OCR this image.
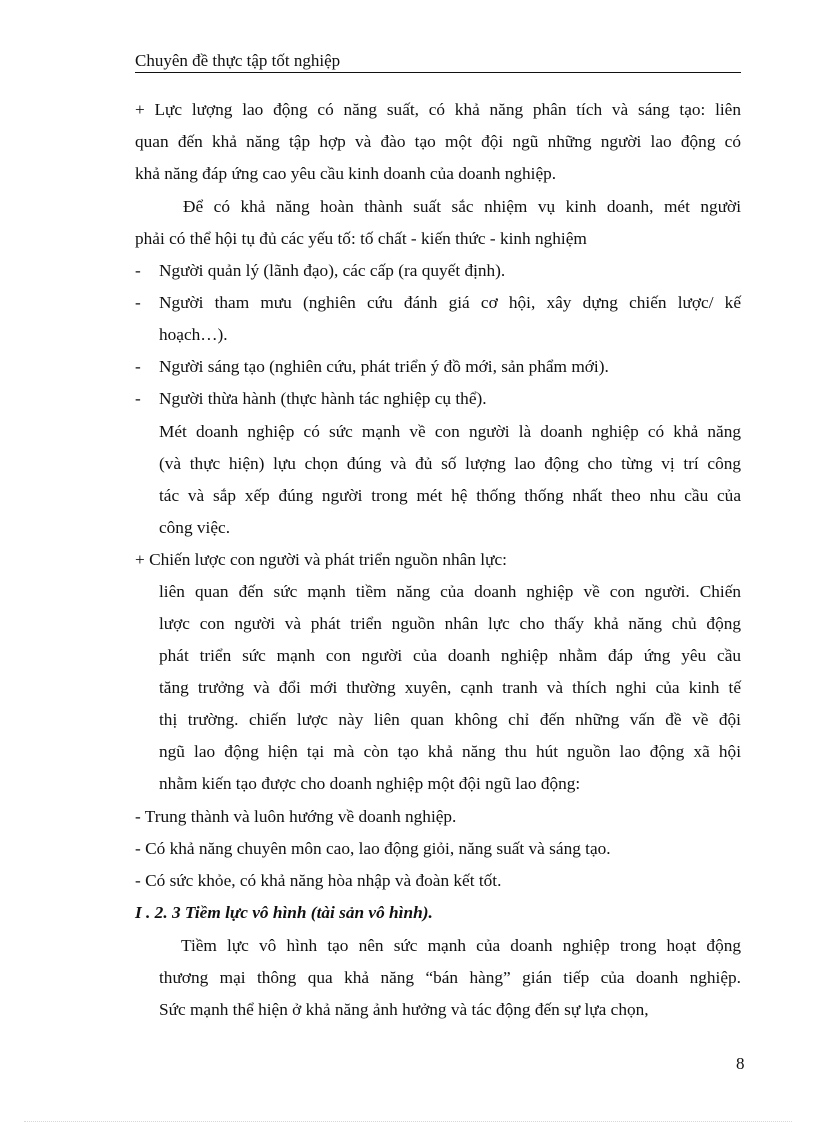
Chuyên đề thực tập tốt nghiệp
+ Lực lượng lao động có năng suất, có khả năng phân tích và sáng tạo: liên
quan đến khả năng tập hợp và đào tạo một đội ngũ những người lao động có
khả năng đáp ứng cao yêu cầu kinh doanh của doanh nghiệp.
Để có khả năng hoàn thành suất sắc nhiệm vụ kinh doanh, mét người
phải có thể hội tụ đủ các yếu tố: tố chất - kiến thức - kinh nghiệm
-	Người quản lý (lãnh đạo), các cấp (ra quyết định).
-	Người tham mưu (nghiên cứu đánh giá cơ hội, xây dựng chiến lược/ kế
hoạch…).
-	Người sáng tạo (nghiên cứu, phát triển ý đồ mới, sản phẩm mới).
-	Người thừa hành (thực hành tác nghiệp cụ thể).
Mét doanh nghiệp có sức mạnh về con người là doanh nghiệp có khả năng
(và thực hiện) lựu chọn đúng và đủ số lượng lao động cho từng vị trí công
tác và sắp xếp đúng người trong mét hệ thống thống nhất theo nhu cầu của
công việc.
+ Chiến lược con người và phát triển nguồn nhân lực:
liên quan đến sức mạnh tiềm năng của doanh nghiệp về con người. Chiến
lược con người và phát triển nguồn nhân lực cho thấy khả năng chủ động
phát triển sức mạnh con người của doanh nghiệp nhằm đáp ứng yêu cầu
tăng trưởng và đổi mới thường xuyên, cạnh tranh và thích nghi của kinh tế
thị trường. chiến lược này liên quan không chỉ đến những vấn đề về đội
ngũ lao động hiện tại mà còn tạo khả năng thu hút nguồn lao động xã hội
nhằm kiến tạo được cho doanh nghiệp một đội ngũ lao động:
- Trung thành và luôn hướng về doanh nghiệp.
- Có khả năng chuyên môn cao, lao động giỏi, năng suất và sáng tạo.
- Có sức khỏe, có khả năng hòa nhập và đoàn kết tốt.
I . 2. 3 Tiềm lực vô hình (tài sản vô hình).
Tiềm lực vô hình tạo nên sức mạnh của doanh nghiệp trong hoạt động
thương mại thông qua khả năng “bán hàng” gián tiếp của doanh nghiệp.
Sức mạnh thể hiện ở khả năng ảnh hưởng và tác động đến sự lựa chọn,
8
